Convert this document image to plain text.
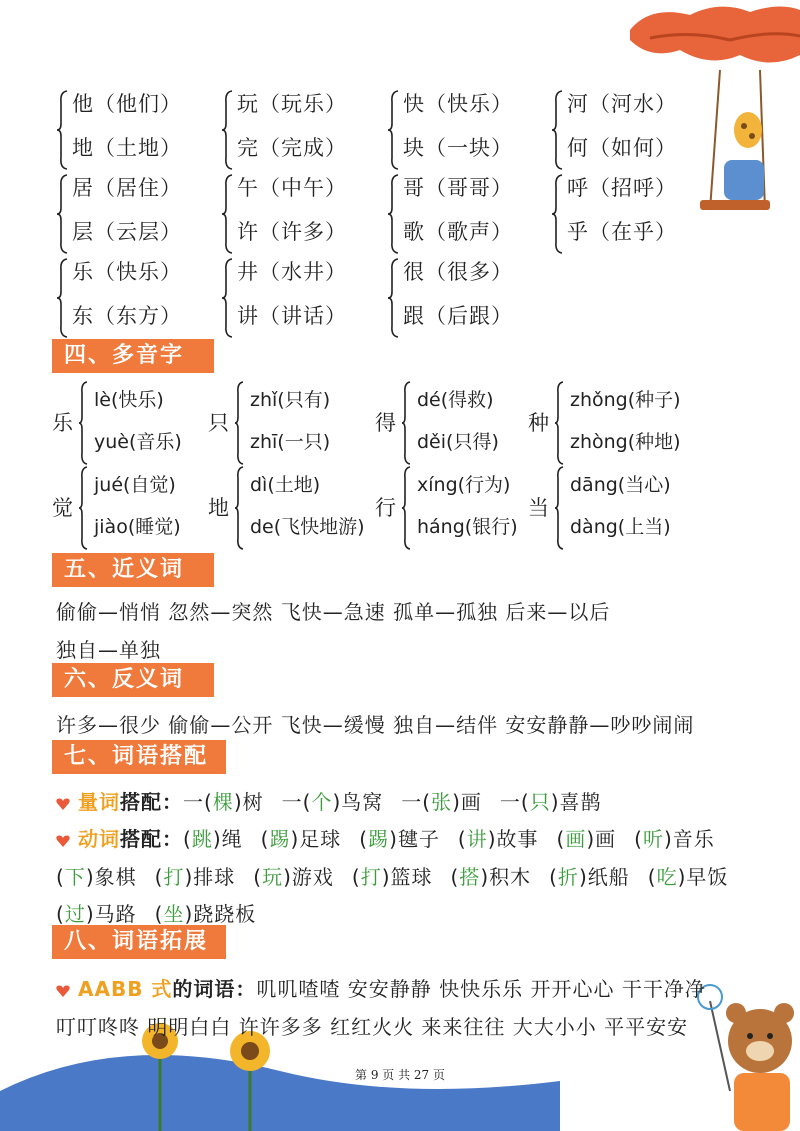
他（他们）
地（土地）
玩（玩乐）
完（完成）
快（快乐）
块（一块）
河（河水）
何（如何）
居（居住）
层（云层）
午（中午）
许（许多）
哥（哥哥）
歌（歌声）
呼（招呼）
乎（在乎）
乐（快乐）
东（东方）
井（水井）
讲（讲话）
很（很多）
跟（后跟）
四、多音字
五、近义词
六、反义词
七、词语搭配
八、词语拓展
乐
lè(快乐)
yuè(音乐)
只
zhǐ(只有)
zhī(一只)
得
dé(得救)
děi(只得)
种
zhǒng(种子)
zhòng(种地)
觉
jué(自觉)
jiào(睡觉)
地
dì(土地)
de(飞快地游)
行
xíng(行为)
háng(银行)
当
dāng(当心)
dàng(上当)
偷偷—悄悄 忽然—突然 飞快—急速 孤单—孤独 后来—以后
独自—单独
许多—很少 偷偷—公开 飞快—缓慢 独自—结伴 安安静静—吵吵闹闹
量词搭配：一(棵)树 一(个)鸟窝 一(张)画 一(只)喜鹊
动词搭配：(跳)绳 (踢)足球 (踢)毽子 (讲)故事 (画)画 (听)音乐
(下)象棋 (打)排球 (玩)游戏 (打)篮球 (搭)积木 (折)纸船 (吃)早饭
(过)马路 (坐)跷跷板
AABB 式的词语：叽叽喳喳 安安静静 快快乐乐 开开心心 干干净净
叮叮咚咚 明明白白 许许多多 红红火火 来来往往 大大小小 平平安安
第 9 页 共 27 页
